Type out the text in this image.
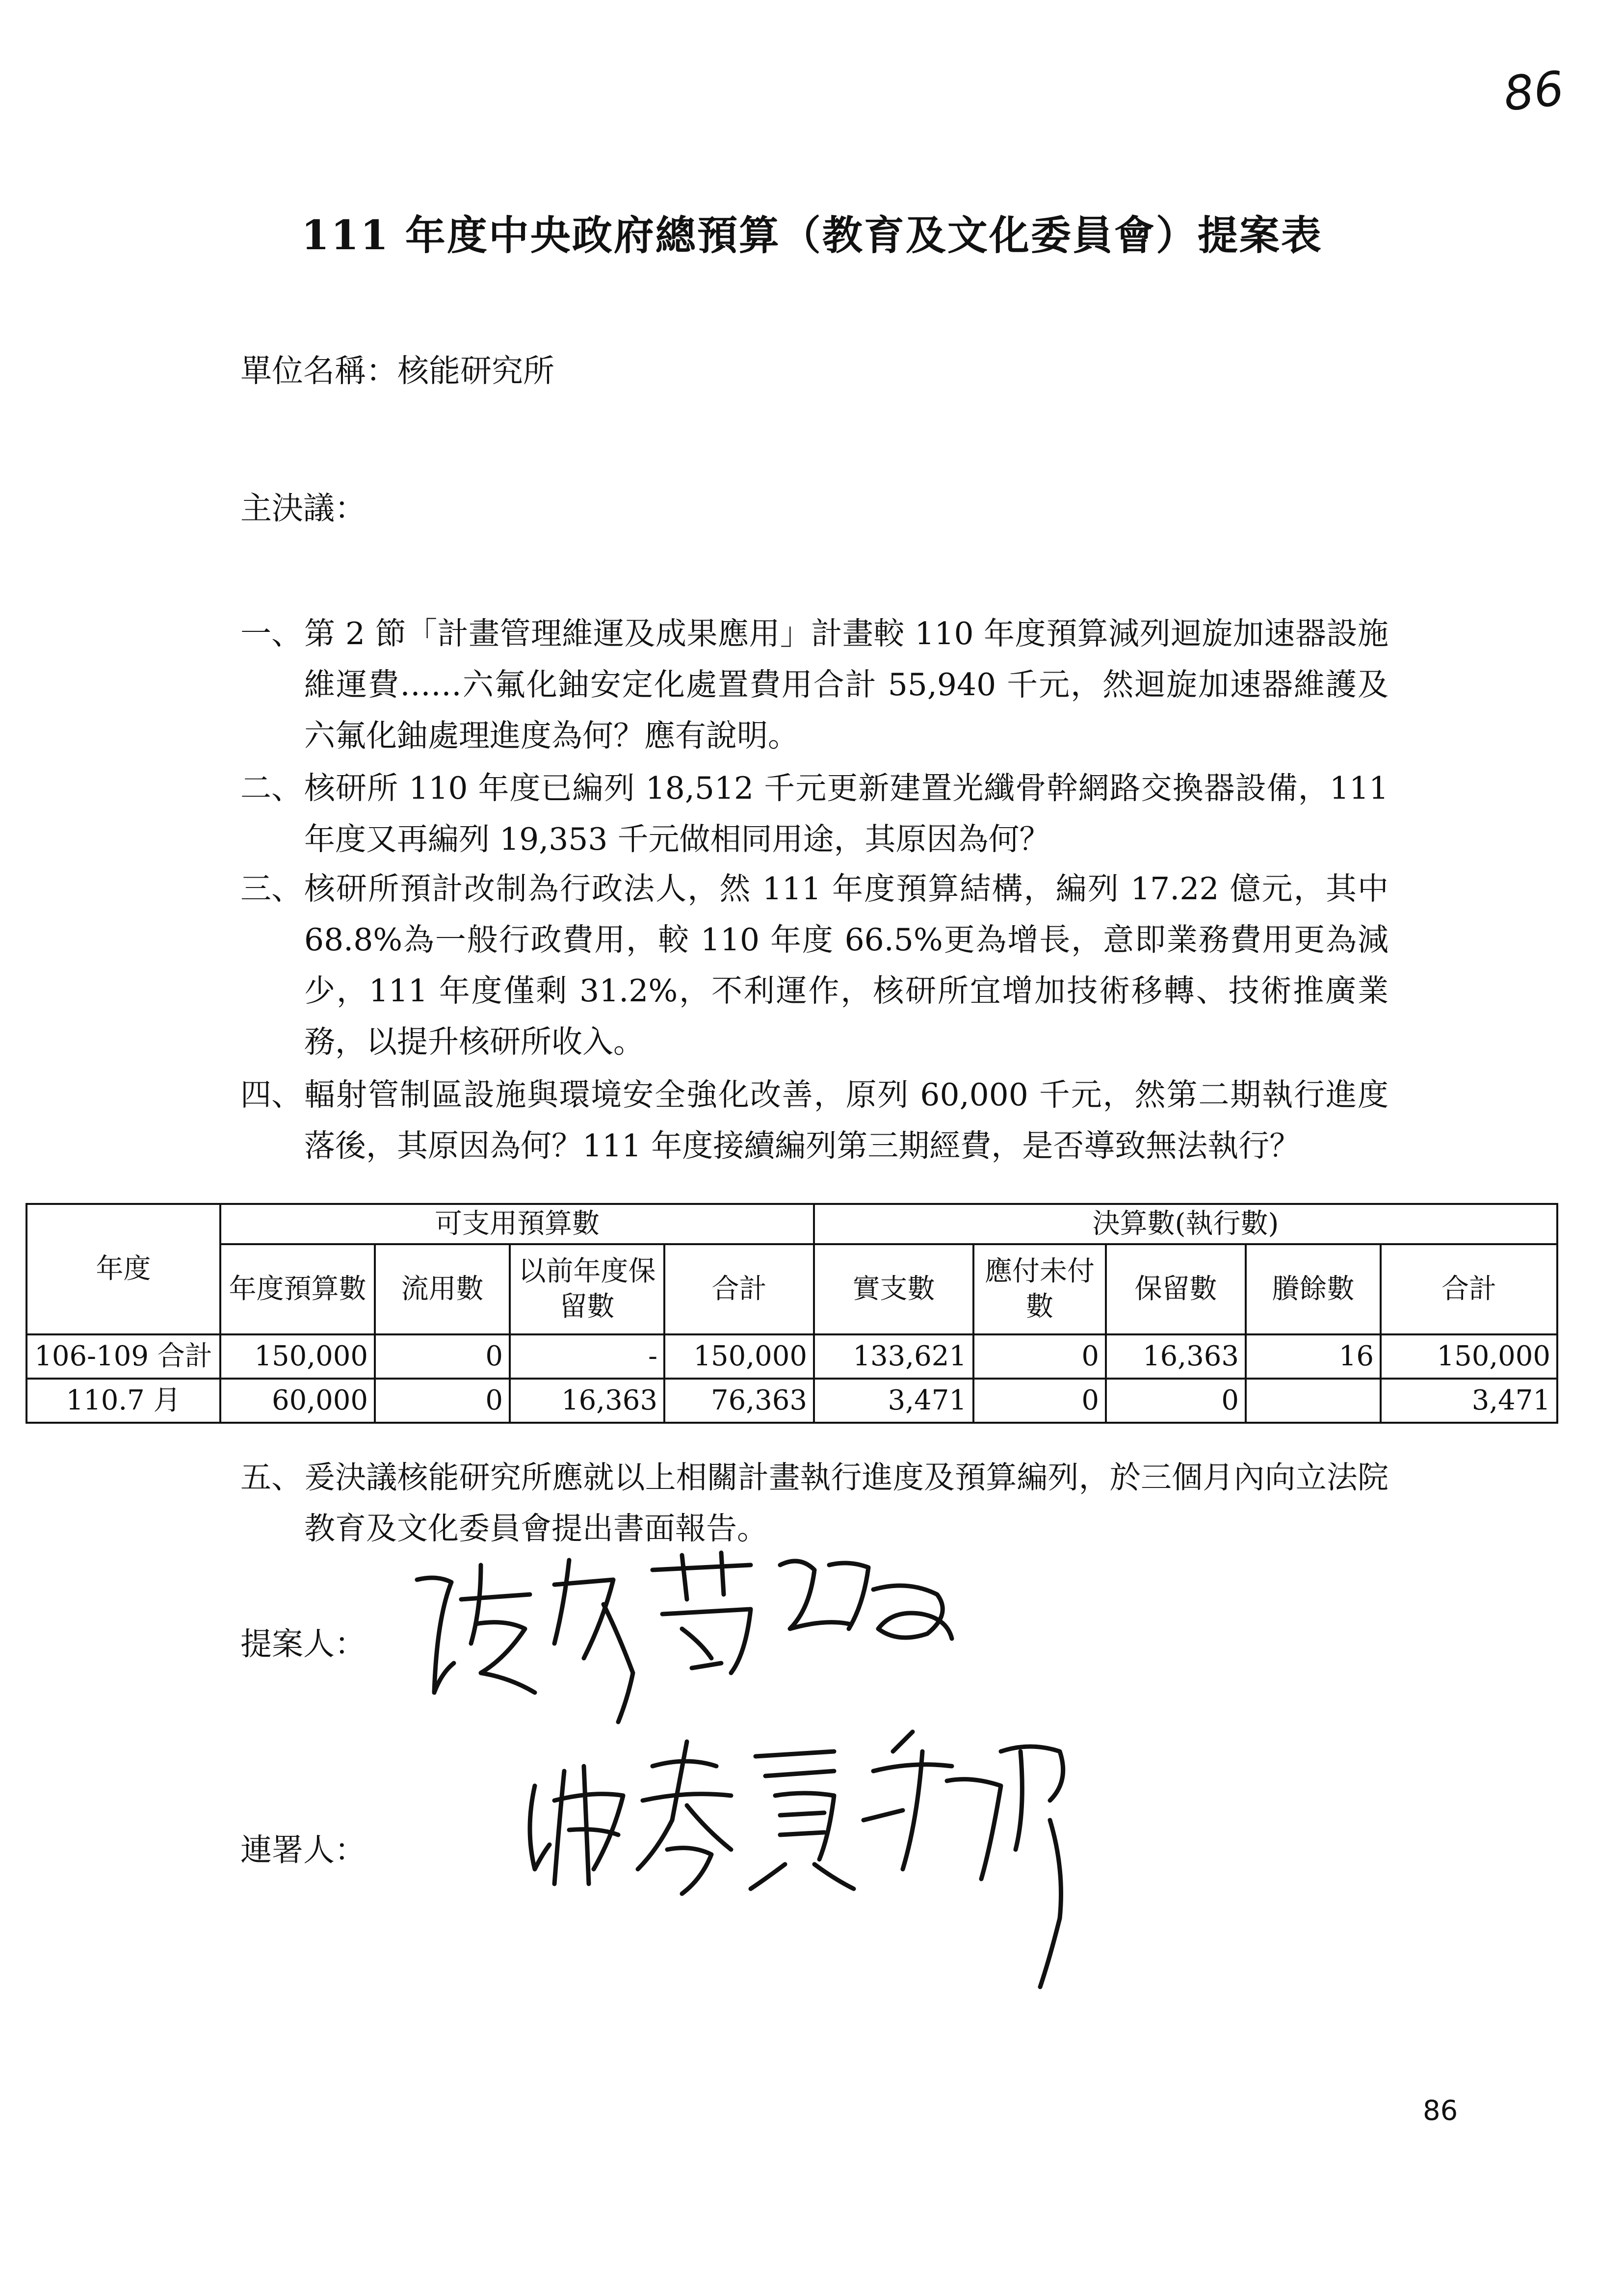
86
111 年度中央政府總預算（教育及文化委員會）提案表
單位名稱：核能研究所
主決議：
一、 第 2 節「計畫管理維運及成果應用」計畫較 110 年度預算減列迴旋加速器設施維運費……六氟化鈾安定化處置費用合計 55,940 千元，然迴旋加速器維護及六氟化鈾處理進度為何？應有說明。
二、 核研所 110 年度已編列 18,512 千元更新建置光纖骨幹網路交換器設備，111 年度又再編列 19,353 千元做相同用途，其原因為何？
三、 核研所預計改制為行政法人，然 111 年度預算結構，編列 17.22 億元，其中 68.8%為一般行政費用，較 110 年度 66.5%更為增長，意即業務費用更為減少，111 年度僅剩 31.2%，不利運作，核研所宜增加技術移轉、技術推廣業務，以提升核研所收入。
四、 輻射管制區設施與環境安全強化改善，原列 60,000 千元，然第二期執行進度落後，其原因為何？111 年度接續編列第三期經費，是否導致無法執行？
年度	可支用預算數				決算數(執行數)				
	年度預算數	流用數	以前年度保留數	合計	實支數	應付未付數	保留數	賸餘數	合計
106-109 合計	150,000	0	-	150,000	133,621	0	16,363	16	150,000
110.7 月	60,000	0	16,363	76,363	3,471	0	0		3,471
五、 爰決議核能研究所應就以上相關計畫執行進度及預算編列，於三個月內向立法院教育及文化委員會提出書面報告。
提案人：
連署人：
86
